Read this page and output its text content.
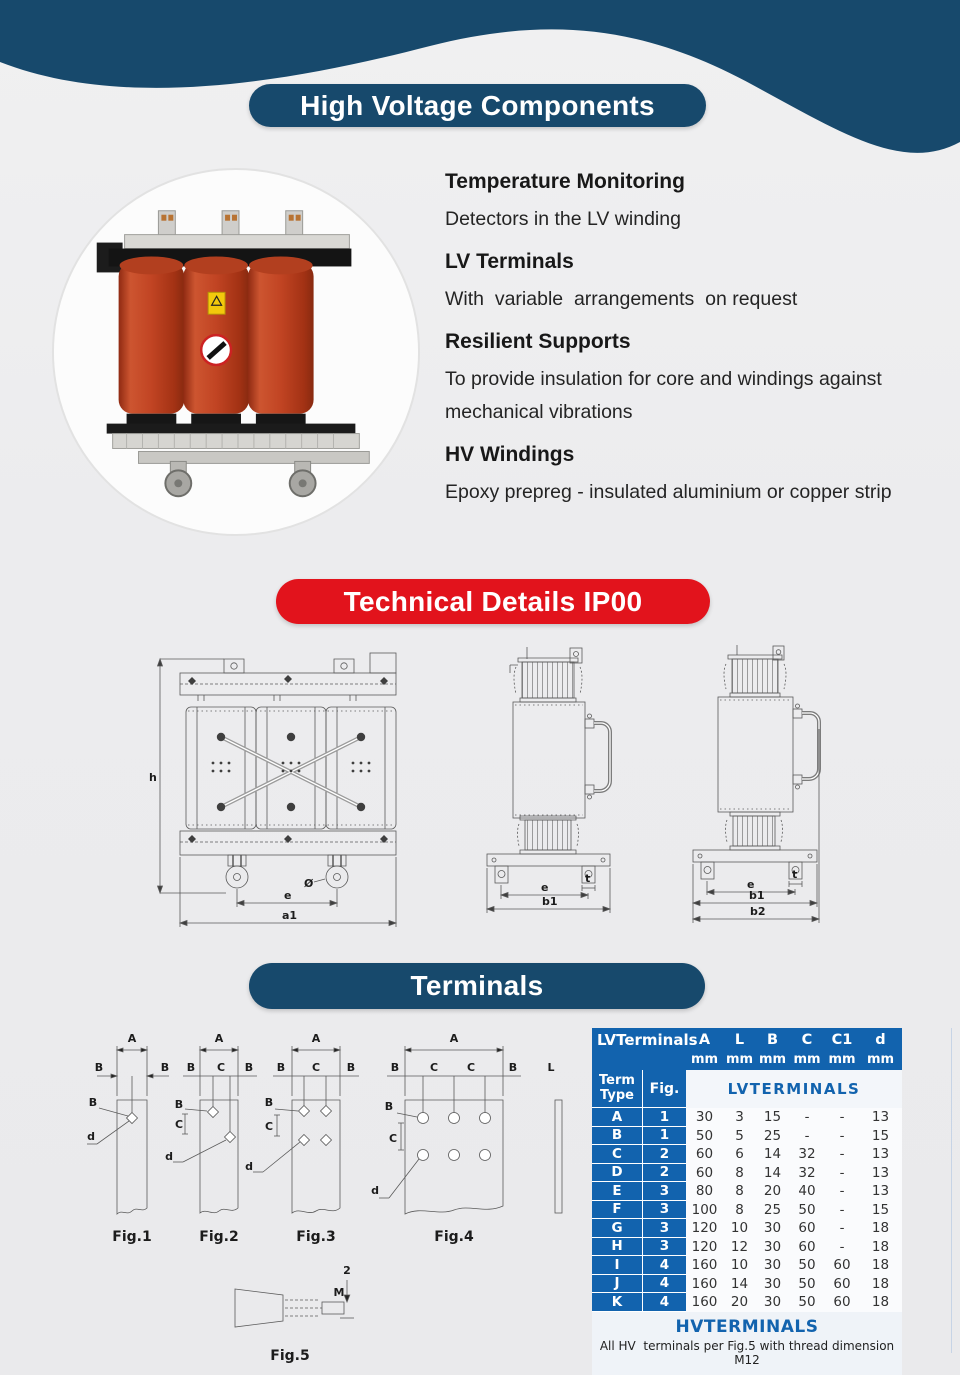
High Voltage Components
Temperature Monitoring

Detectors in the LV winding

LV Terminals

With  variable  arrangements  on request

Resilient Supports

To provide insulation for core and windings against mechanical vibrations

HV Windings

Epoxy prepreg - insulated aluminium or copper strip

Technical Details IP00
h
Ø
e
a1
t
e
b1
t
e
b1
b2
Terminals
A
B	B
B
d
Fig.1
A
B C B
B
C
d
Fig.2
A
B C B
B
C
d
Fig.3
A
B	C	C	B
B
C
d
Fig.4
L
2
M
Fig.5
LVTerminals A	L	B	C	C1	d
mm mm mm mm mm mm
Term Type	Fig.	LVTERMINALS
A	1	30	3	15	-	-	13
B	1	50	5	25	-	-	15
C	2	60	6	14	32	-	13
D	2	60	8	14	32	-	13
E	3	80	8	20	40	-	13
F	3	100	8	25	50	-	15
G	3	120	10	30	60	-	18
H	3	120	12	30	60	-	18
I	4	160	10	30	50	60	18
J	4	160	14	30	50	60	18
K	4	160	20	30	50	60	18
HVTERMINALS
All HV  terminals per Fig.5 with thread dimension  M12
